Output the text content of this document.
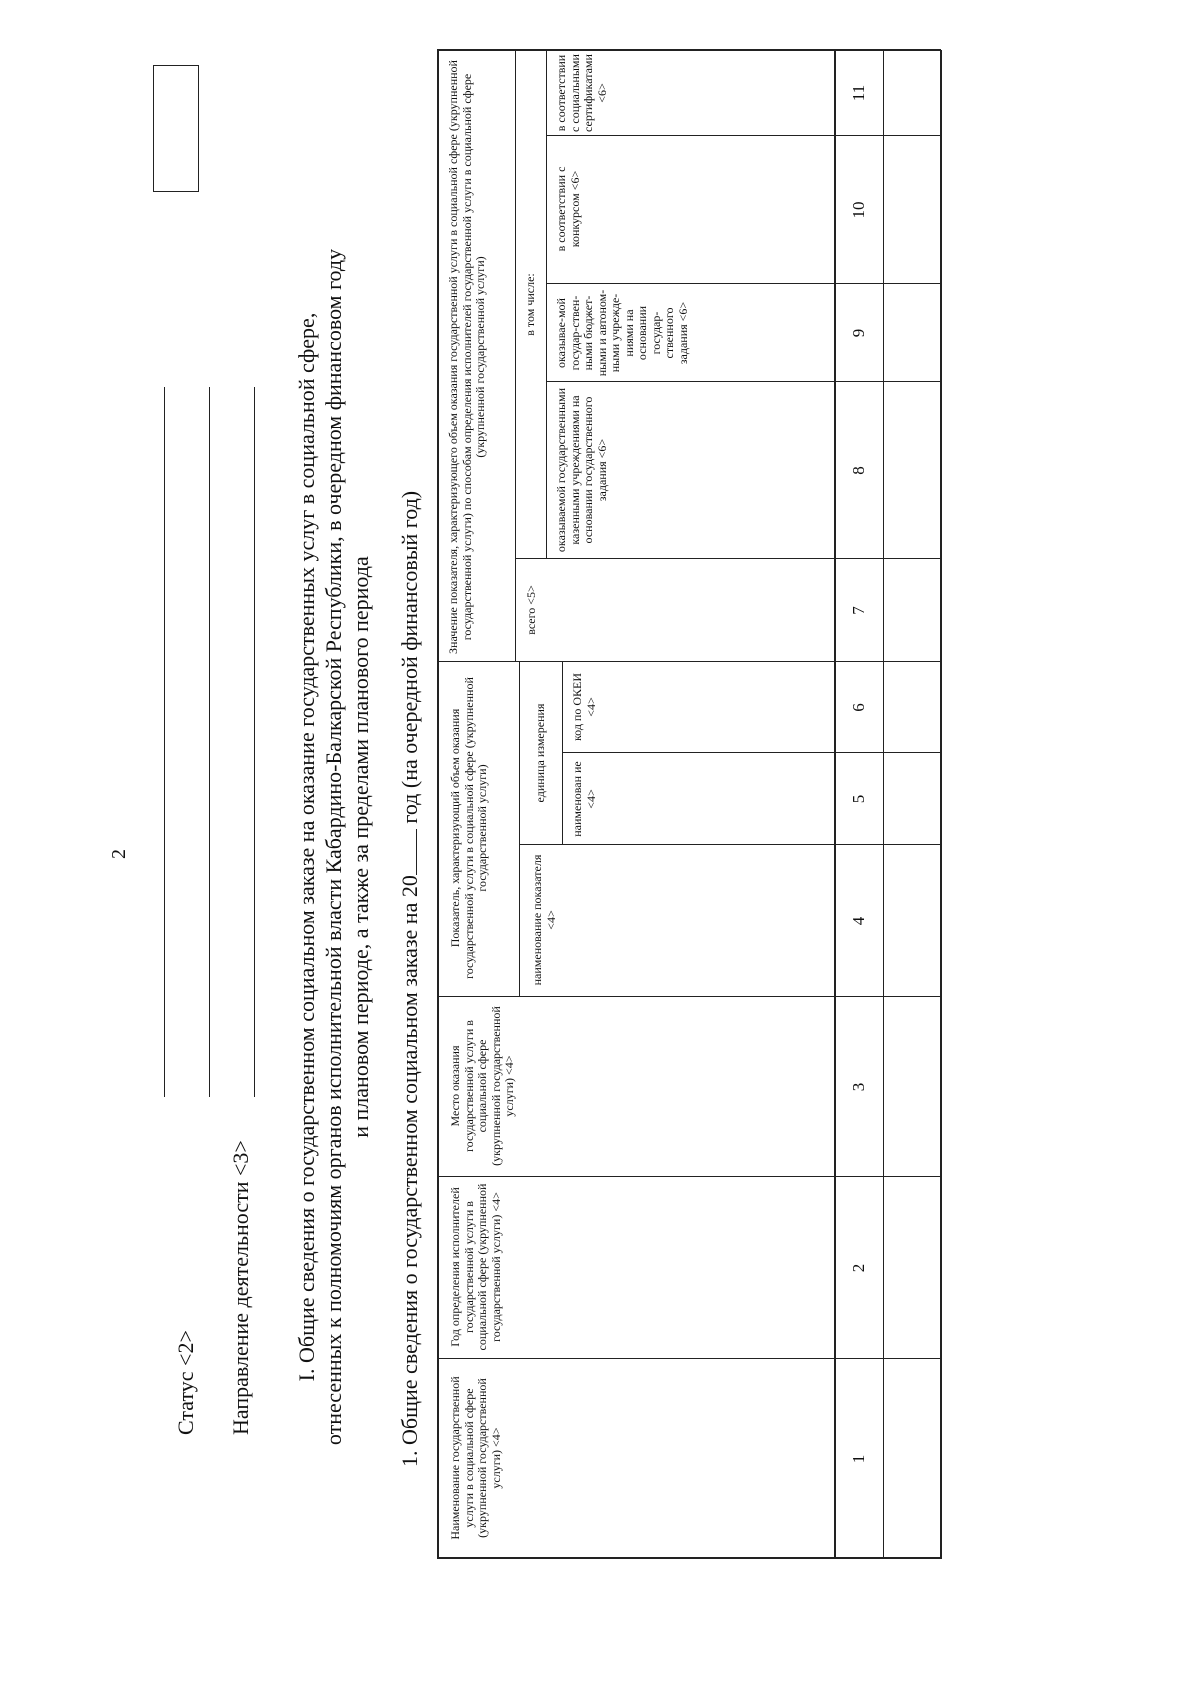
2
Статус <2> Направление деятельности <3> I. Общие сведения о государственном социальном заказе на оказание государственных услуг в социальной сфере, отнесенных к полномочиям органов исполнительной власти Кабардино-Балкарской Республики, в очередном финансовом году и плановом периоде, а также за пределами планового периода
1. Общие сведения о государственном социальном заказе на 20 год (на очередной финансовый год)
Наименование государственной услуги в социальной сфере (укрупненной государственной услуги) <4>
Год определения исполнителей государственной услуги в социальной сфере (укрупненной государственной услуги) <4>
Место оказания государственной услуги в социальной сфере (укрупненной государственной услуги) <4>
Показатель, характеризующий объем оказания государственной услуги в социальной сфере (укрупненной государственной услуги)
наименование показателя <4>
единица измерения	наименован ие <4>
код по ОКЕИ <4>
Значение показателя, характеризующего объем оказания государственной услуги в социальной сфере (укрупненной государственной услуги) по способам определения исполнителей государственной услуги в социальной сфере (укрупненной государственной услуги)
всего <5>
в том числе:
оказываемой государственными казенными учреждениями на основании государственного задания <6>
оказывае-мой государ-ствен-ными бюджет-ными и автоном-ными учрежде-ниями на основании государ-ственного задания <6>
в соответствии с конкурсом <6>
в соответствии с социальными сертификатами <6>
1
2
3
4
5
6
7
8
9
10
11
